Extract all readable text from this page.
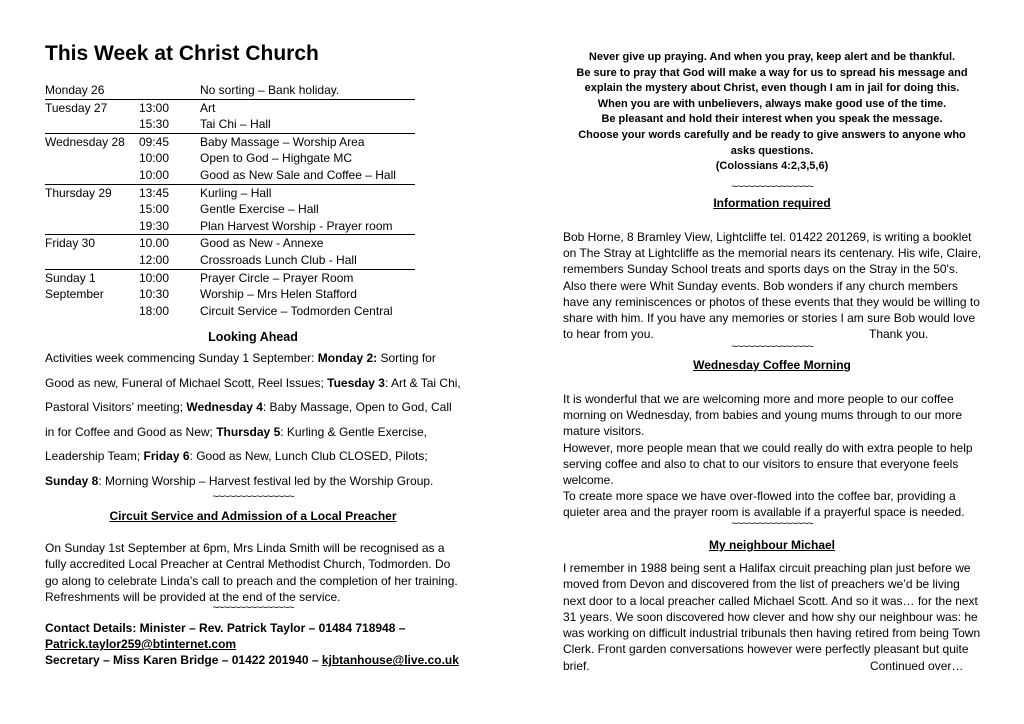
This Week at Christ Church
Monday 26		No sorting – Bank holiday.
Tuesday 27	13:00	Art
	15:30	Tai Chi – Hall
Wednesday 28	09:45	Baby Massage – Worship Area
	10:00	Open to God – Highgate MC
	10:00	Good as New Sale and Coffee – Hall
Thursday 29	13:45	Kurling – Hall
	15:00	Gentle Exercise – Hall
	19:30	Plan Harvest Worship - Prayer room
Friday 30	10.00	Good as New - Annexe
	12:00	Crossroads Lunch Club - Hall
Sunday 1	10:00	Prayer Circle – Prayer Room
September	10:30	Worship – Mrs Helen Stafford
	18:00	Circuit Service – Todmorden Central
Looking Ahead

Activities week commencing Sunday 1 September: Monday 2: Sorting for Good as new, Funeral of Michael Scott, Reel Issues; Tuesday 3: Art & Tai Chi, Pastoral Visitors’ meeting; Wednesday 4: Baby Massage, Open to God, Call in for Coffee and Good as New; Thursday 5: Kurling & Gentle Exercise, Leadership Team; Friday 6: Good as New, Lunch Club CLOSED, Pilots; Sunday 8: Morning Worship – Harvest festival led by the Worship Group.

~~~~~~~~~~~~~~~
Circuit Service and Admission of a Local Preacher

On Sunday 1st September at 6pm, Mrs Linda Smith will be recognised as a fully accredited Local Preacher at Central Methodist Church, Todmorden. Do go along to celebrate Linda’s call to preach and the completion of her training. Refreshments will be provided at the end of the service.

~~~~~~~~~~~~~~~
Contact Details: Minister – Rev. Patrick Taylor – 01484 718948 –
Patrick.taylor259@btinternet.com
Secretary – Miss Karen Bridge – 01422 201940 – kjbtanhouse@live.co.uk
Never give up praying. And when you pray, keep alert and be thankful.
Be sure to pray that God will make a way for us to spread his message and
explain the mystery about Christ, even though I am in jail for doing this.
When you are with unbelievers, always make good use of the time.
Be pleasant and hold their interest when you speak the message.
Choose your words carefully and be ready to give answers to anyone who
asks questions.
(Colossians 4:2,3,5,6)
~~~~~~~~~~~~~~~
Information required

Bob Horne, 8 Bramley View, Lightcliffe tel. 01422 201269, is writing a booklet on The Stray at Lightcliffe as the memorial nears its centenary. His wife, Claire, remembers Sunday School treats and sports days on the Stray in the 50's. Also there were Whit Sunday events. Bob wonders if any church members have any reminiscences or photos of these events that they would be willing to share with him. If you have any memories or stories I am sure Bob would love to hear from you.	Thank you.
~~~~~~~~~~~~~~~
Wednesday Coffee Morning

It is wonderful that we are welcoming more and more people to our coffee morning on Wednesday, from babies and young mums through to our more mature visitors.

However, more people mean that we could really do with extra people to help serving coffee and also to chat to our visitors to ensure that everyone feels welcome.

To create more space we have over-flowed into the coffee bar, providing a quieter area and the prayer room is available if a prayerful space is needed.

~~~~~~~~~~~~~~~
My neighbour Michael

I remember in 1988 being sent a Halifax circuit preaching plan just before we moved from Devon and discovered from the list of preachers we’d be living next door to a local preacher called Michael Scott. And so it was… for the next 31 years. We soon discovered how clever and how shy our neighbour was: he was working on difficult industrial tribunals then having retired from being Town Clerk. Front garden conversations however were perfectly pleasant but quite brief.	Continued over…
